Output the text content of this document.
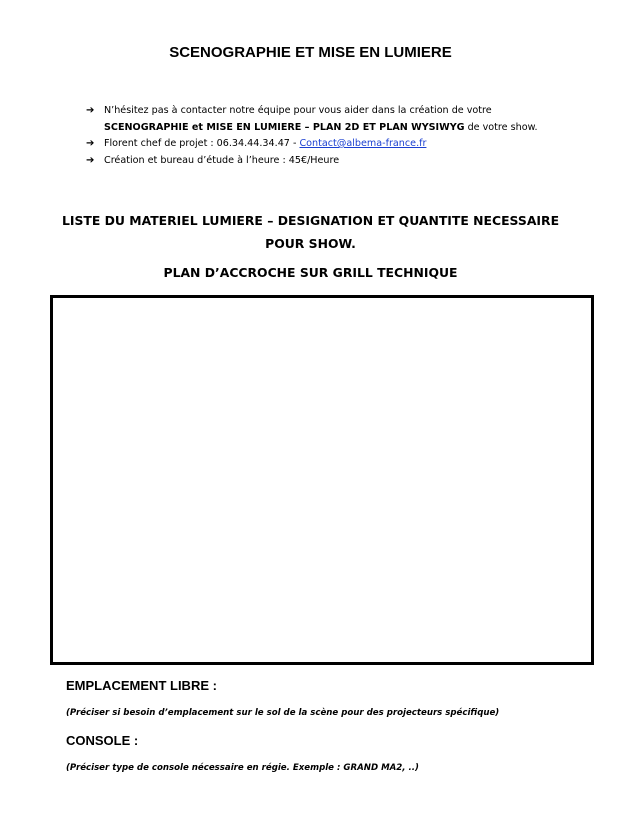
SCENOGRAPHIE ET MISE EN LUMIERE
➔ N’hésitez pas à contacter notre équipe pour vous aider dans la création de votre
SCENOGRAPHIE et MISE EN LUMIERE – PLAN 2D ET PLAN WYSIWYG de votre show.
➔ Florent chef de projet : 06.34.44.34.47 - Contact@albema-france.fr
➔ Création et bureau d’étude à l’heure : 45€/Heure
LISTE DU MATERIEL LUMIERE – DESIGNATION ET QUANTITE NECESSAIRE
POUR SHOW.
PLAN D’ACCROCHE SUR GRILL TECHNIQUE
EMPLACEMENT LIBRE :
(Préciser si besoin d’emplacement sur le sol de la scène pour des projecteurs spécifique)
CONSOLE :
(Préciser type de console nécessaire en régie. Exemple : GRAND MA2, ..)
